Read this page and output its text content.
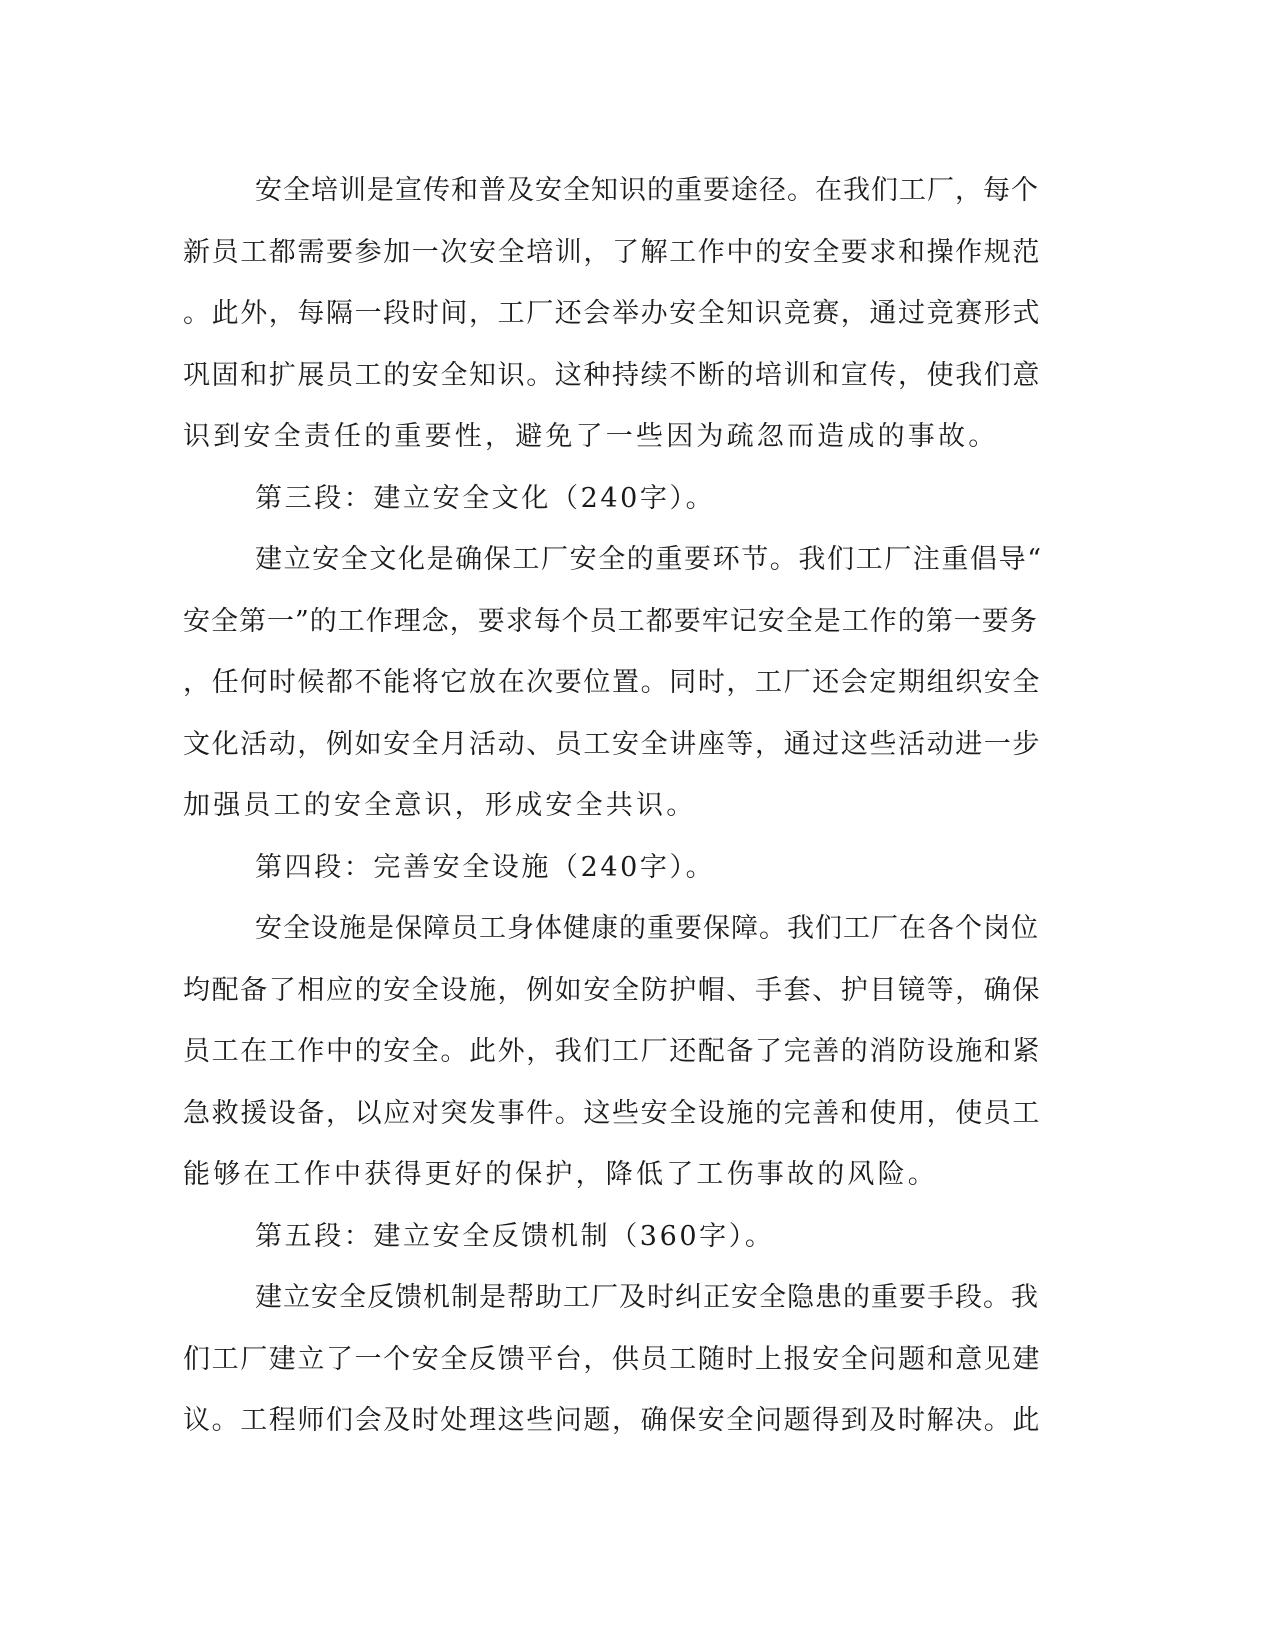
安全培训是宣传和普及安全知识的重要途径。在我们工厂，每个
新员工都需要参加一次安全培训，了解工作中的安全要求和操作规范
。此外，每隔一段时间，工厂还会举办安全知识竞赛，通过竞赛形式
巩固和扩展员工的安全知识。这种持续不断的培训和宣传，使我们意
识到安全责任的重要性，避免了一些因为疏忽而造成的事故。
第三段：建立安全文化（240字）。
建立安全文化是确保工厂安全的重要环节。我们工厂注重倡导“
安全第一”的工作理念，要求每个员工都要牢记安全是工作的第一要务
，任何时候都不能将它放在次要位置。同时，工厂还会定期组织安全
文化活动，例如安全月活动、员工安全讲座等，通过这些活动进一步
加强员工的安全意识，形成安全共识。
第四段：完善安全设施（240字）。
安全设施是保障员工身体健康的重要保障。我们工厂在各个岗位
均配备了相应的安全设施，例如安全防护帽、手套、护目镜等，确保
员工在工作中的安全。此外，我们工厂还配备了完善的消防设施和紧
急救援设备，以应对突发事件。这些安全设施的完善和使用，使员工
能够在工作中获得更好的保护，降低了工伤事故的风险。
第五段：建立安全反馈机制（360字）。
建立安全反馈机制是帮助工厂及时纠正安全隐患的重要手段。我
们工厂建立了一个安全反馈平台，供员工随时上报安全问题和意见建
议。工程师们会及时处理这些问题，确保安全问题得到及时解决。此
